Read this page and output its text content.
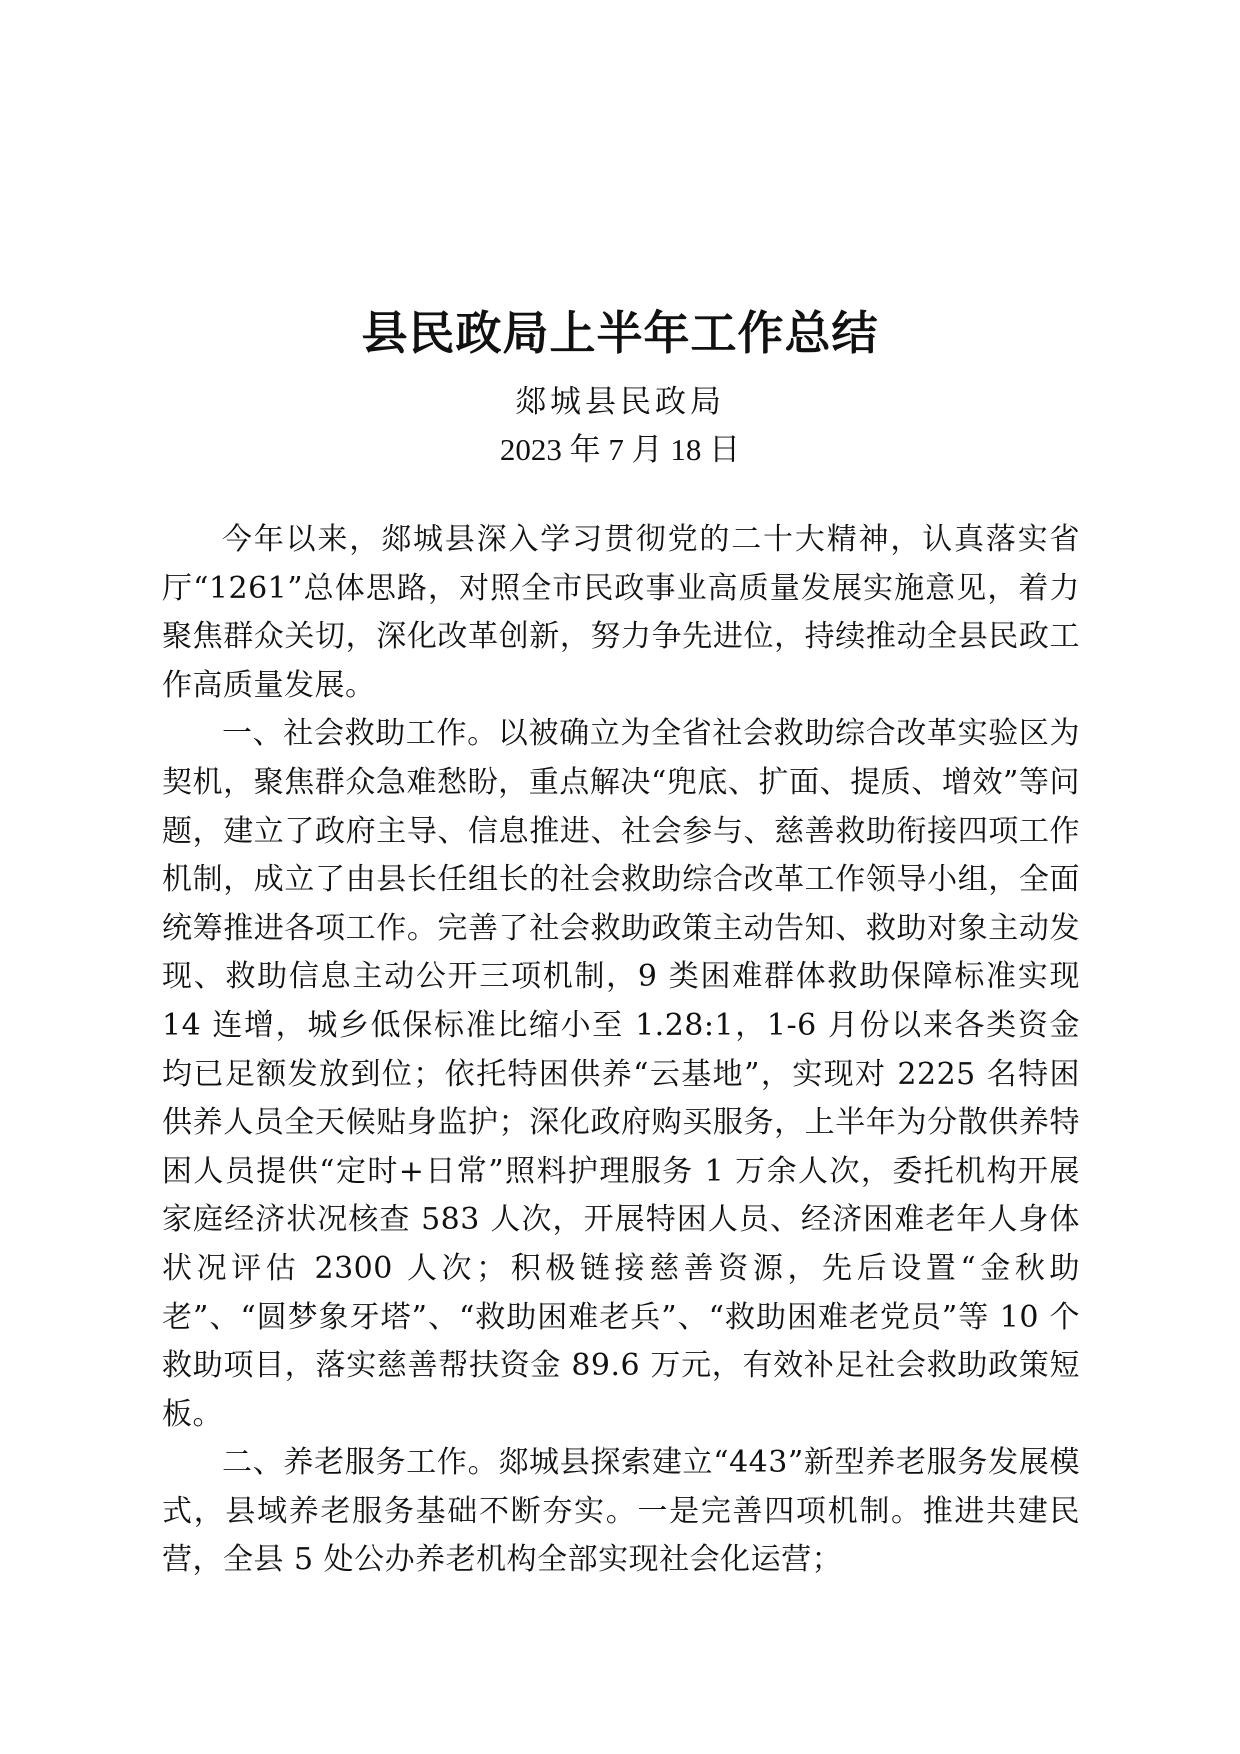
县民政局上半年工作总结
郯城县民政局
2023 年 7 月 18 日

今年以来，郯城县深入学习贯彻党的二十大精神，认真落实省厅“1261”总体思路，对照全市民政事业高质量发展实施意见，着力聚焦群众关切，深化改革创新，努力争先进位，持续推动全县民政工作高质量发展。

一、社会救助工作。以被确立为全省社会救助综合改革实验区为契机，聚焦群众急难愁盼，重点解决“兜底、扩面、提质、增效”等问题，建立了政府主导、信息推进、社会参与、慈善救助衔接四项工作机制，成立了由县长任组长的社会救助综合改革工作领导小组，全面统筹推进各项工作。完善了社会救助政策主动告知、救助对象主动发现、救助信息主动公开三项机制，9 类困难群体救助保障标准实现 14 连增，城乡低保标准比缩小至 1.28:1，1-6 月份以来各类资金均已足额发放到位；依托特困供养“云基地”，实现对 2225 名特困供养人员全天候贴身监护；深化政府购买服务，上半年为分散供养特困人员提供“定时+日常”照料护理服务 1 万余人次，委托机构开展家庭经济状况核查 583 人次，开展特困人员、经济困难老年人身体状况评估 2300 人次；积极链接慈善资源，先后设置“金秋助老”、“圆梦象牙塔”、“救助困难老兵”、“救助困难老党员”等 10 个救助项目，落实慈善帮扶资金 89.6 万元，有效补足社会救助政策短板。

二、养老服务工作。郯城县探索建立“443”新型养老服务发展模式，县域养老服务基础不断夯实。一是完善四项机制。推进共建民营，全县 5 处公办养老机构全部实现社会化运营；
